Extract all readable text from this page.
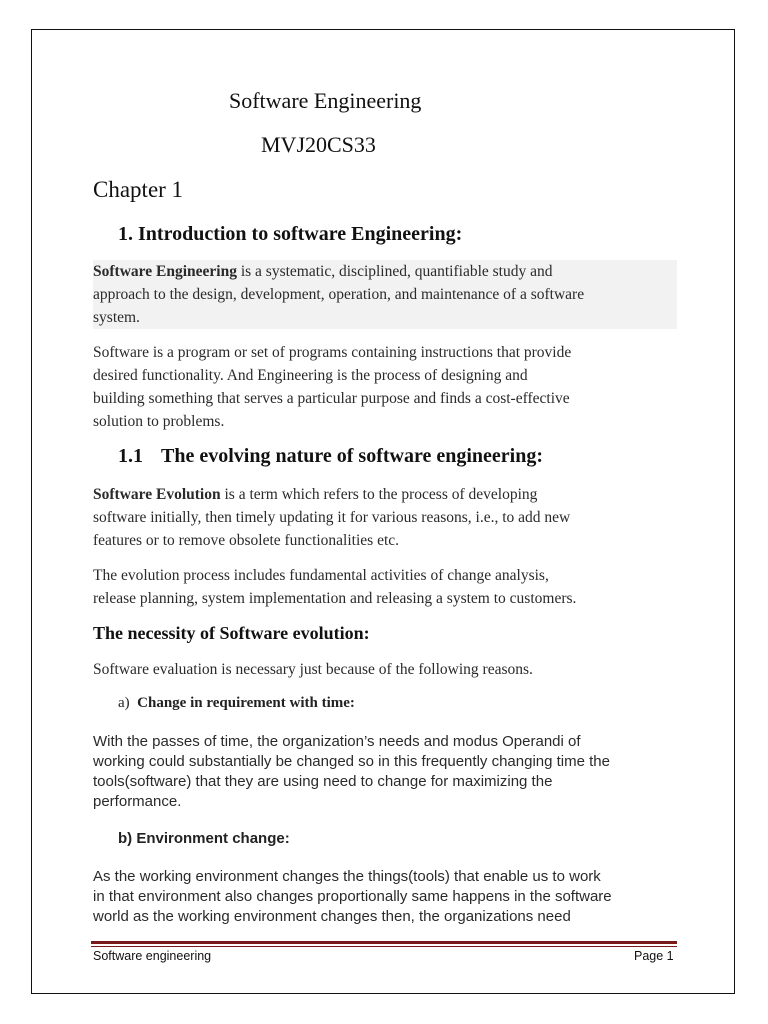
Software Engineering

MVJ20CS33

Chapter 1

1. Introduction to software Engineering:

Software Engineering is a systematic, disciplined, quantifiable study and
approach to the design, development, operation, and maintenance of a software
system.

Software is a program or set of programs containing instructions that provide
desired functionality. And Engineering is the process of designing and
building something that serves a particular purpose and finds a cost-effective
solution to problems.

1.1 The evolving nature of software engineering:

Software Evolution is a term which refers to the process of developing
software initially, then timely updating it for various reasons, i.e., to add new
features or to remove obsolete functionalities etc.

The evolution process includes fundamental activities of change analysis,
release planning, system implementation and releasing a system to customers.

The necessity of Software evolution:

Software evaluation is necessary just because of the following reasons.

a) Change in requirement with time:

With the passes of time, the organization’s needs and modus Operandi of
working could substantially be changed so in this frequently changing time the
tools(software) that they are using need to change for maximizing the
performance.

b) Environment change:

As the working environment changes the things(tools) that enable us to work
in that environment also changes proportionally same happens in the software
world as the working environment changes then, the organizations need

Software engineering	Page 1
